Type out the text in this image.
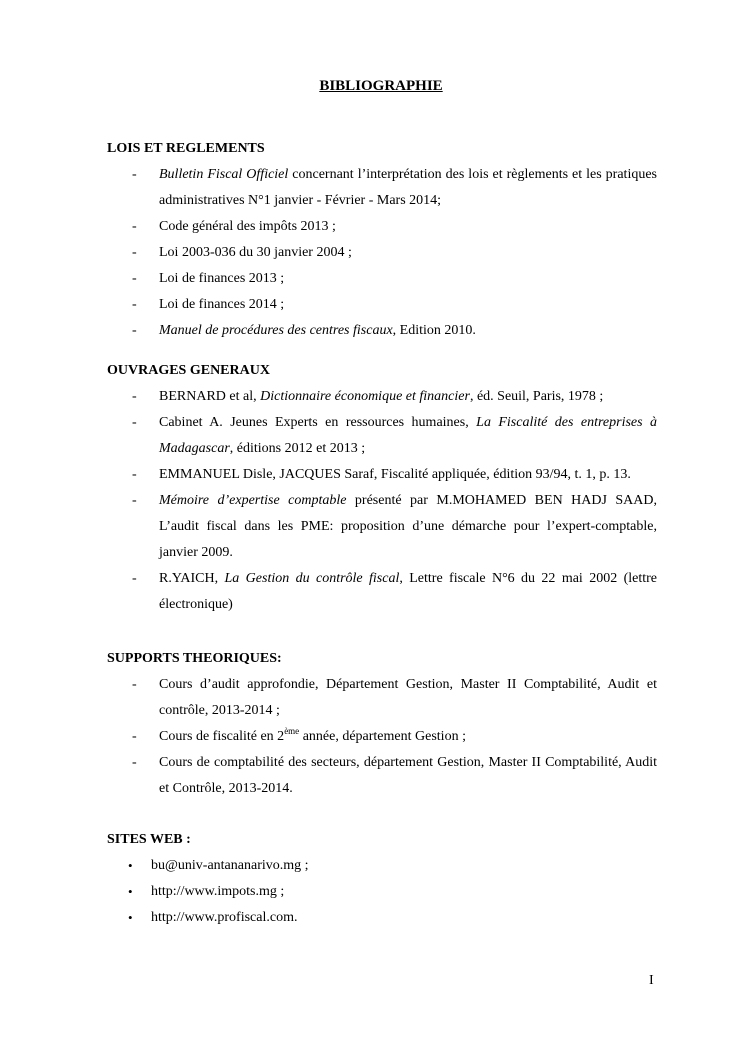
BIBLIOGRAPHIE
LOIS ET REGLEMENTS
- Bulletin Fiscal Officiel concernant l’interprétation des lois et règlements et les pratiques administratives N°1 janvier - Février - Mars 2014;
- Code général des impôts 2013 ;
- Loi 2003-036 du 30 janvier 2004 ;
- Loi de finances 2013 ;
- Loi de finances 2014 ;
- Manuel de procédures des centres fiscaux, Edition 2010.
OUVRAGES GENERAUX
- BERNARD et al, Dictionnaire économique et financier, éd. Seuil, Paris, 1978 ;
- Cabinet A. Jeunes Experts en ressources humaines, La Fiscalité des entreprises à Madagascar, éditions 2012 et 2013 ;
- EMMANUEL Disle, JACQUES Saraf, Fiscalité appliquée, édition 93/94, t. 1, p. 13.
- Mémoire d’expertise comptable présenté par M.MOHAMED BEN HADJ SAAD, L’audit fiscal dans les PME: proposition d’une démarche pour l’expert-comptable, janvier 2009.
- R.YAICH, La Gestion du contrôle fiscal, Lettre fiscale N°6 du 22 mai 2002 (lettre électronique)
SUPPORTS THEORIQUES:
- Cours d’audit approfondie, Département Gestion, Master II Comptabilité, Audit et contrôle, 2013-2014 ;
- Cours de fiscalité en 2ème année, département Gestion ;
- Cours de comptabilité des secteurs, département Gestion, Master II Comptabilité, Audit et Contrôle, 2013-2014.
SITES WEB :
• bu@univ-antananarivo.mg ;
• http://www.impots.mg ;
• http://www.profiscal.com.
I
